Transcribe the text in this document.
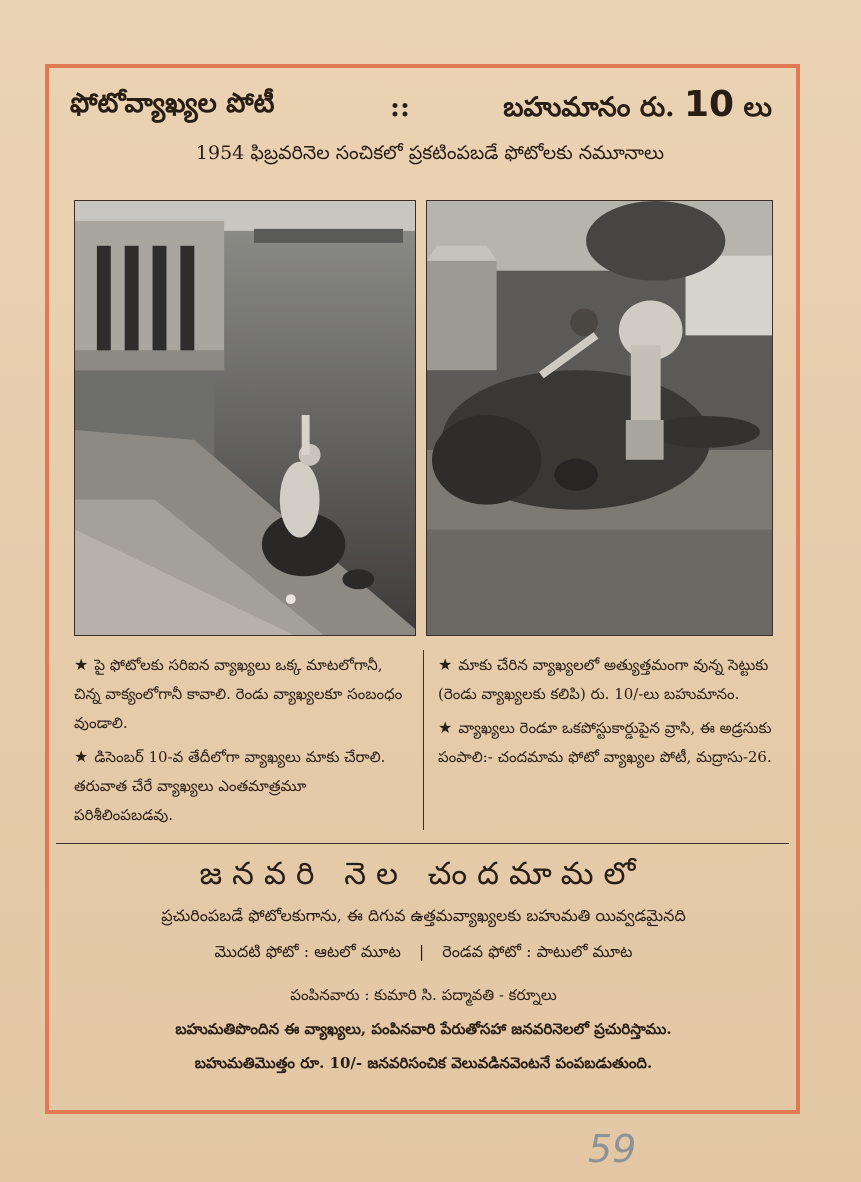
ఫోటోవ్యాఖ్యల పోటీ	::	బహుమానం రు. 10 లు
1954 ఫిబ్రవరినెల సంచికలో ప్రకటింపబడే ఫోటోలకు నమూనాలు

★ పై ఫోటోలకు సరిఐన వ్యాఖ్యలు ఒక్క మాటలోగానీ, చిన్న వాక్యంలోగానీ కావాలి. రెండు వ్యాఖ్యలకూ సంబంధం వుండాలి.

★ డిసెంబర్ 10-వ తేదీలోగా వ్యాఖ్యలు మాకు చేరాలి. తరువాత చేరే వ్యాఖ్యలు ఎంతమాత్రమూ పరిశీలింపబడవు.

★ మాకు చేరిన వ్యాఖ్యలలో అత్యుత్తమంగా వున్న సెట్టుకు (రెండు వ్యాఖ్యలకు కలిపి) రు. 10/-లు బహుమానం.

★ వ్యాఖ్యలు రెండూ ఒకపోస్టుకార్డుపైన వ్రాసి, ఈ అడ్రసుకు పంపాలి:- చందమామ ఫోటో వ్యాఖ్యల పోటీ, మద్రాసు-26.

జనవరి నెల చందమామలో
ప్రచురింపబడే ఫోటోలకుగాను, ఈ దిగువ ఉత్తమవ్యాఖ్యలకు బహుమతి యివ్వడమైనది
మొదటి ఫోటో : ఆటలో మూట | రెండవ ఫోటో : పాటులో మూట
పంపినవారు : కుమారి సి. పద్మావతి - కర్నూలు
బహుమతిపొందిన ఈ వ్యాఖ్యలు, పంపినవారి పేరుతోసహా జనవరినెలలో ప్రచురిస్తాము.
బహుమతిమొత్తం రూ. 10/- జనవరిసంచిక వెలువడినవెంటనే పంపబడుతుంది.
59
